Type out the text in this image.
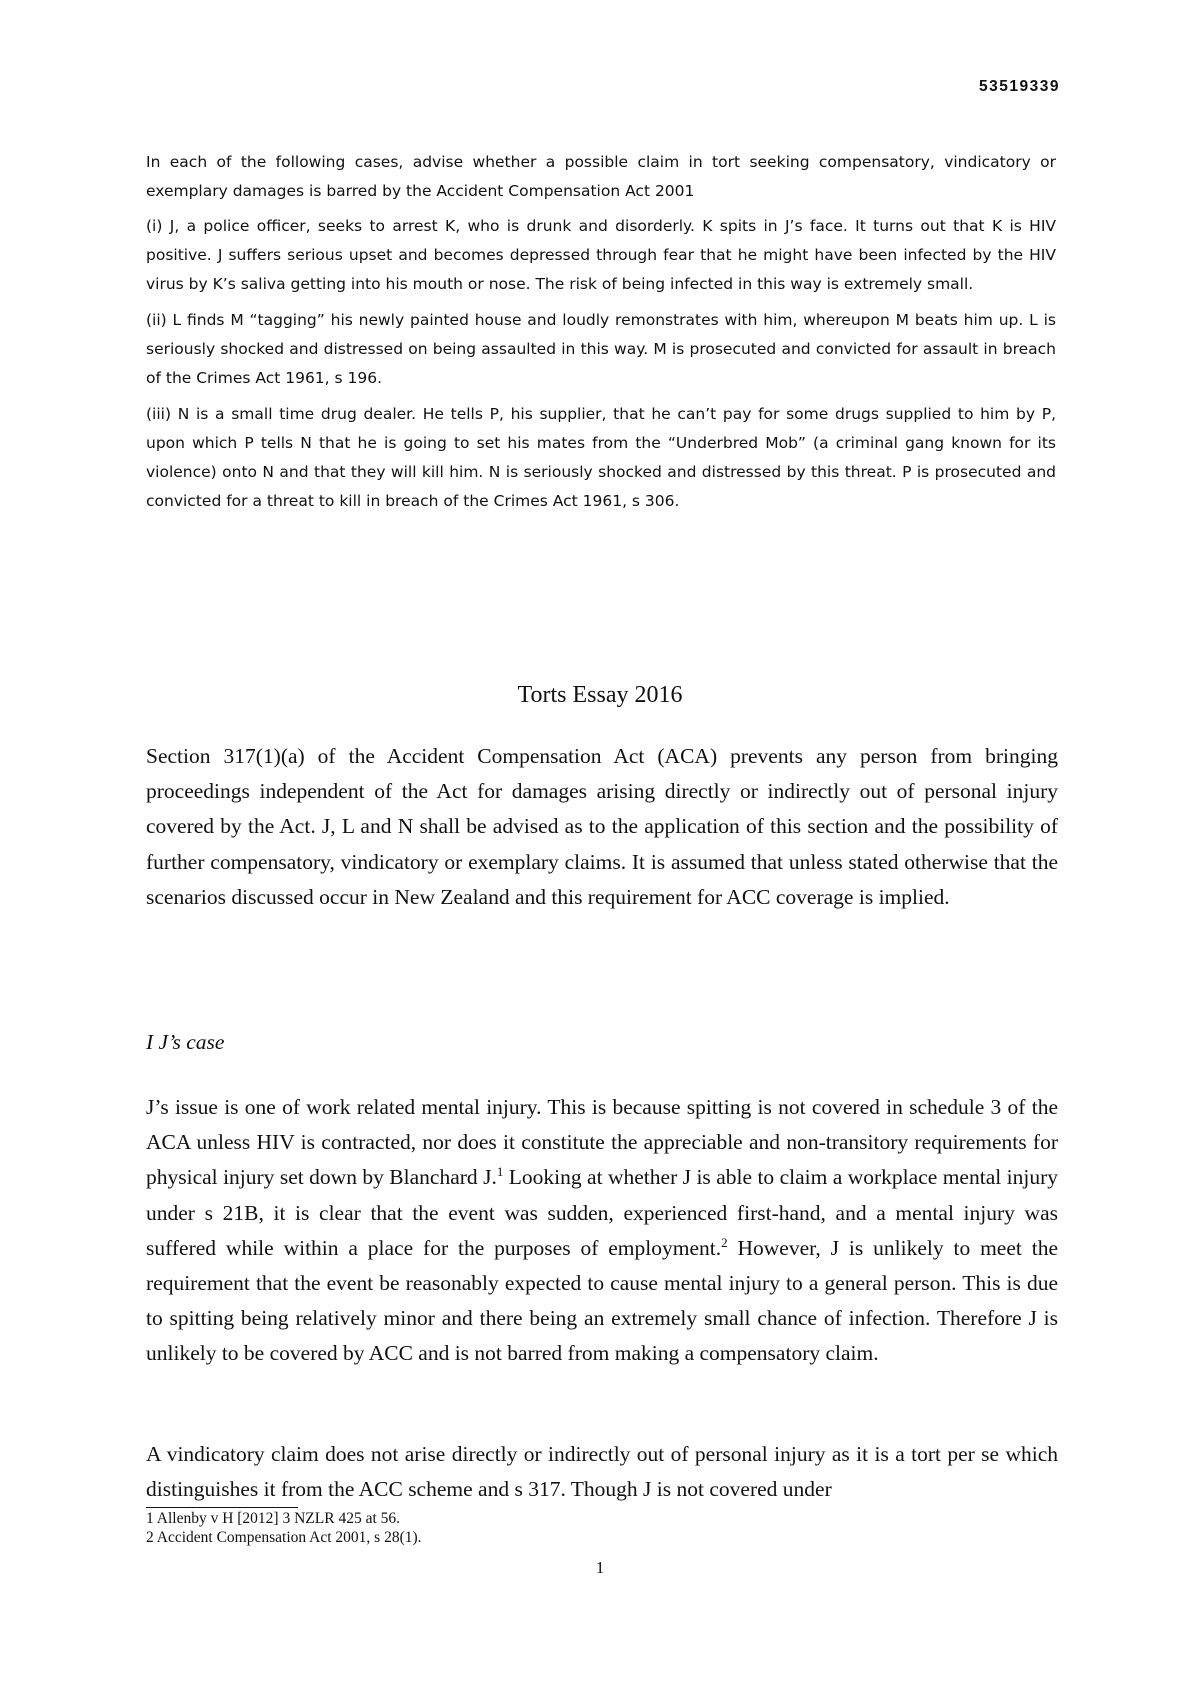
53519339

In each of the following cases, advise whether a possible claim in tort seeking compensatory, vindicatory or exemplary damages is barred by the Accident Compensation Act 2001

(i) J, a police officer, seeks to arrest K, who is drunk and disorderly. K spits in J’s face. It turns out that K is HIV positive. J suffers serious upset and becomes depressed through fear that he might have been infected by the HIV virus by K’s saliva getting into his mouth or nose. The risk of being infected in this way is extremely small.

(ii) L finds M “tagging” his newly painted house and loudly remonstrates with him, whereupon M beats him up. L is seriously shocked and distressed on being assaulted in this way. M is prosecuted and convicted for assault in breach of the Crimes Act 1961, s 196.

(iii) N is a small time drug dealer. He tells P, his supplier, that he can’t pay for some drugs supplied to him by P, upon which P tells N that he is going to set his mates from the “Underbred Mob” (a criminal gang known for its violence) onto N and that they will kill him. N is seriously shocked and distressed by this threat. P is prosecuted and convicted for a threat to kill in breach of the Crimes Act 1961, s 306.

Torts Essay 2016

Section 317(1)(a) of the Accident Compensation Act (ACA) prevents any person from bringing proceedings independent of the Act for damages arising directly or indirectly out of personal injury covered by the Act. J, L and N shall be advised as to the application of this section and the possibility of further compensatory, vindicatory or exemplary claims. It is assumed that unless stated otherwise that the scenarios discussed occur in New Zealand and this requirement for ACC coverage is implied.

I J’s case

J’s issue is one of work related mental injury. This is because spitting is not covered in schedule 3 of the ACA unless HIV is contracted, nor does it constitute the appreciable and non-transitory requirements for physical injury set down by Blanchard J.$^1$ Looking at whether J is able to claim a workplace mental injury under s 21B, it is clear that the event was sudden, experienced first-hand, and a mental injury was suffered while within a place for the purposes of employment.$^2$ However, J is unlikely to meet the requirement that the event be reasonably expected to cause mental injury to a general person. This is due to spitting being relatively minor and there being an extremely small chance of infection. Therefore J is unlikely to be covered by ACC and is not barred from making a compensatory claim.

A vindicatory claim does not arise directly or indirectly out of personal injury as it is a tort per se which distinguishes it from the ACC scheme and s 317. Though J is not covered under

1 Allenby v H [2012] 3 NZLR 425 at 56.
2 Accident Compensation Act 2001, s 28(1).
1
